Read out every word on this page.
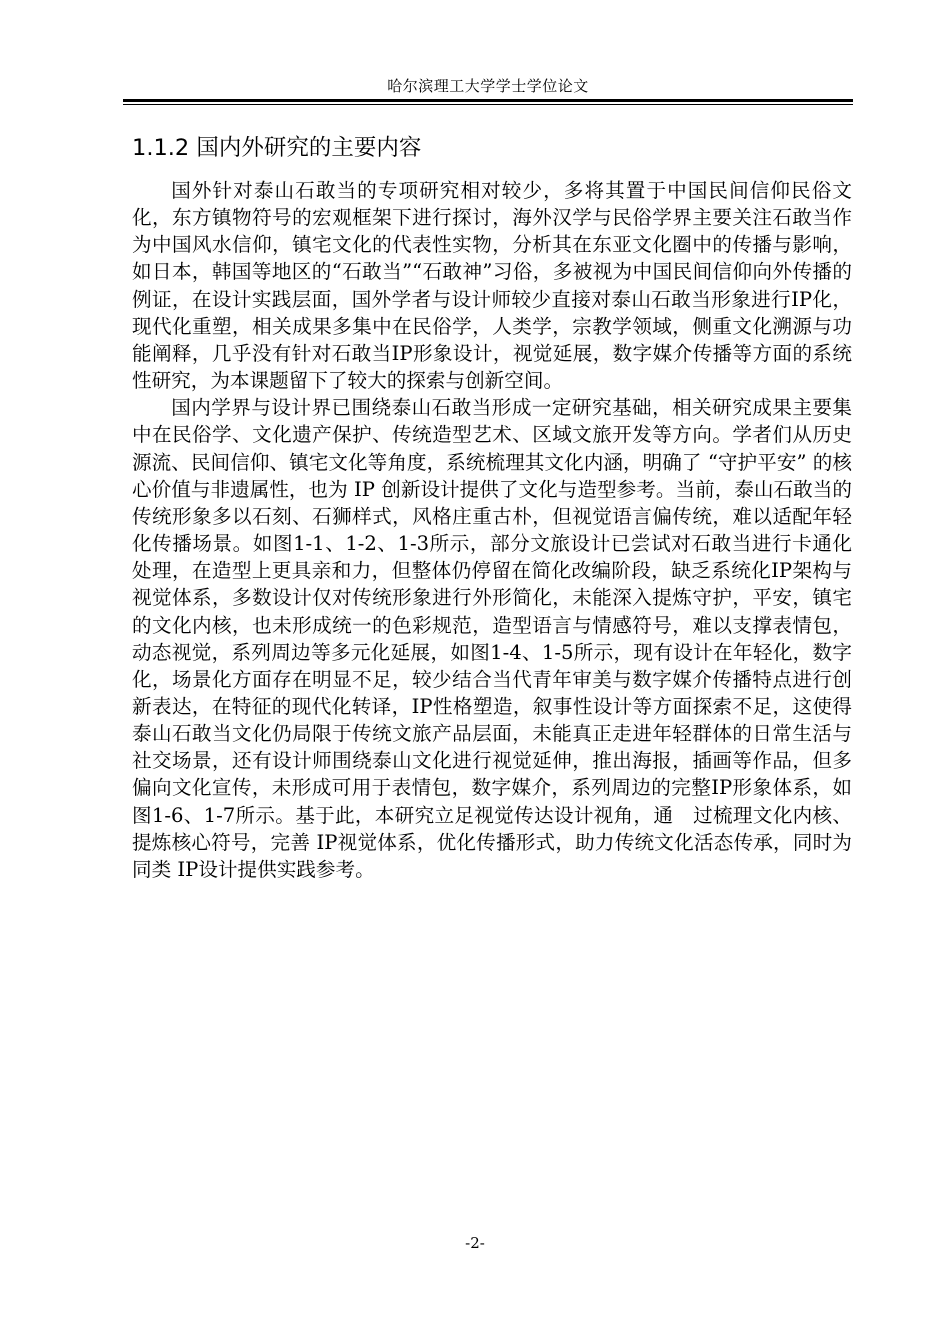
哈尔滨理工大学学士学位论文
1.1.2 国内外研究的主要内容

国外针对泰山石敢当的专项研究相对较少，多将其置于中国民间信仰民俗文化，东方镇物符号的宏观框架下进行探讨，海外汉学与民俗学界主要关注石敢当作为中国风水信仰，镇宅文化的代表性实物，分析其在东亚文化圈中的传播与影响，如日本，韩国等地区的“石敢当”“石敢神”习俗，多被视为中国民间信仰向外传播的例证，在设计实践层面，国外学者与设计师较少直接对泰山石敢当形象进行IP化，现代化重塑，相关成果多集中在民俗学，人类学，宗教学领域，侧重文化溯源与功能阐释，几乎没有针对石敢当IP形象设计，视觉延展，数字媒介传播等方面的系统性研究，为本课题留下了较大的探索与创新空间。

国内学界与设计界已围绕泰山石敢当形成一定研究基础，相关研究成果主要集中在民俗学、文化遗产保护、传统造型艺术、区域文旅开发等方向。学者们从历史源流、民间信仰、镇宅文化等角度，系统梳理其文化内涵，明确了 “守护平安” 的核心价值与非遗属性，也为 IP 创新设计提供了文化与造型参考。当前，泰山石敢当的传统形象多以石刻、石狮样式，风格庄重古朴，但视觉语言偏传统，难以适配年轻化传播场景。如图1-1、1-2、1-3所示，部分文旅设计已尝试对石敢当进行卡通化处理，在造型上更具亲和力，但整体仍停留在简化改编阶段，缺乏系统化IP架构与视觉体系，多数设计仅对传统形象进行外形简化，未能深入提炼守护，平安，镇宅的文化内核，也未形成统一的色彩规范，造型语言与情感符号，难以支撑表情包，动态视觉，系列周边等多元化延展，如图1-4、1-5所示，现有设计在年轻化，数字化，场景化方面存在明显不足，较少结合当代青年审美与数字媒介传播特点进行创新表达，在特征的现代化转译，IP性格塑造，叙事性设计等方面探索不足，这使得泰山石敢当文化仍局限于传统文旅产品层面，未能真正走进年轻群体的日常生活与社交场景，还有设计师围绕泰山文化进行视觉延伸，推出海报，插画等作品，但多偏向文化宣传，未形成可用于表情包，数字媒介，系列周边的完整IP形象体系，如图1-6、1-7所示。基于此，本研究立足视觉传达设计视角，通　过梳理文化内核、提炼核心符号，完善 IP视觉体系，优化传播形式，助力传统文化活态传承，同时为同类 IP设计提供实践参考。

-2-
